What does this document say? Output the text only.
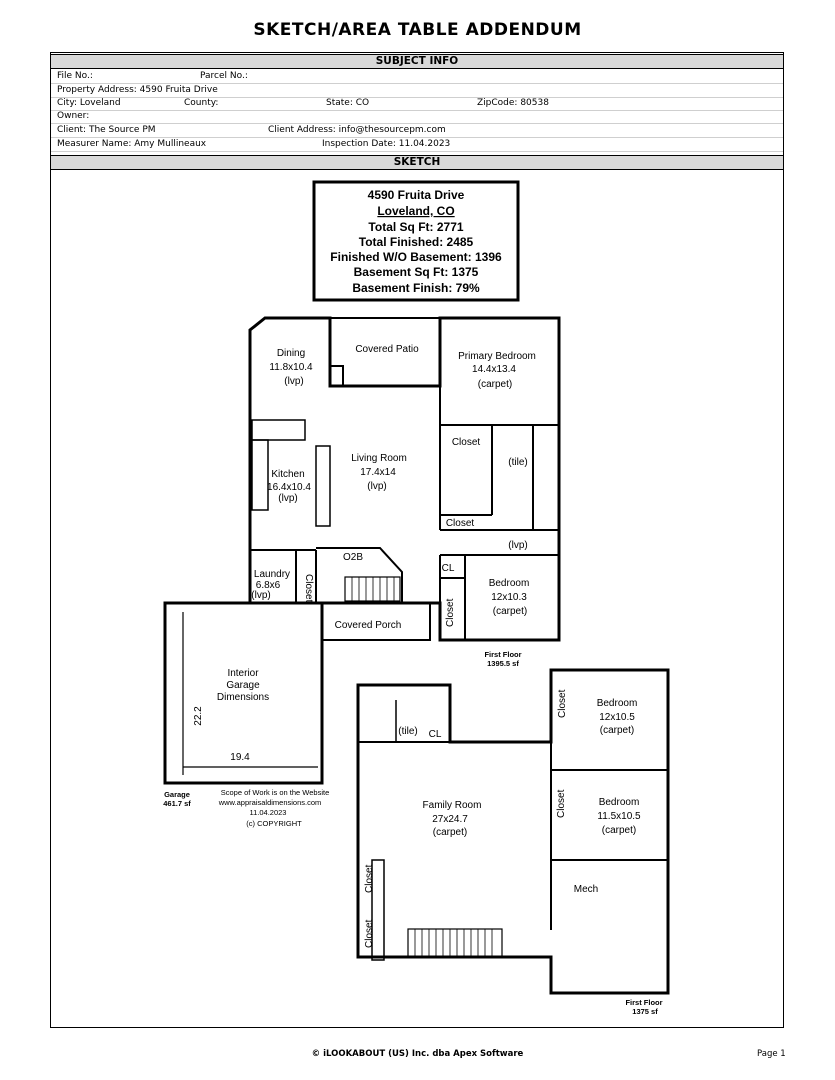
SKETCH/AREA TABLE ADDENDUM
SUBJECT INFO
File No.:	Parcel No.:
Property Address: 4590 Fruita Drive
City: Loveland	County:	State: CO	ZipCode: 80538
Owner:
Client: The Source PM	Client Address: info@thesourcepm.com
Measurer Name: Amy Mullineaux	Inspection Date: 11.04.2023
SKETCH
4590 Fruita Drive
Loveland, CO
Total Sq Ft: 2771
Total Finished: 2485
Finished W/O Basement: 1396
Basement Sq Ft: 1375
Basement Finish: 79%
Dining
11.8x10.4
(lvp)
Covered Patio
Primary Bedroom
14.4x13.4
(carpet)
Closet
(tile)
Living Room
17.4x14
(lvp)
Kitchen
16.4x10.4
(lvp)
Closet
(lvp)
O2B
Laundry
6.8x6
(lvp)
CL
Bedroom
12x10.3
(carpet)
Covered Porch
Closet
Closet
First Floor
1395.5 sf
Interior
Garage
Dimensions
19.4
22.2
Garage
461.7 sf
Scope of Work is on the Website
www.appraisaldimensions.com
11.04.2023
(c) COPYRIGHT
(tile) CL
Bedroom
12x10.5
(carpet)
Family Room
27x24.7
(carpet)
Bedroom
11.5x10.5
(carpet)
Mech
Closet
Closet
Closet
Closet
First Floor
1375 sf
© iLOOKABOUT (US) Inc. dba Apex Software	Page 1
